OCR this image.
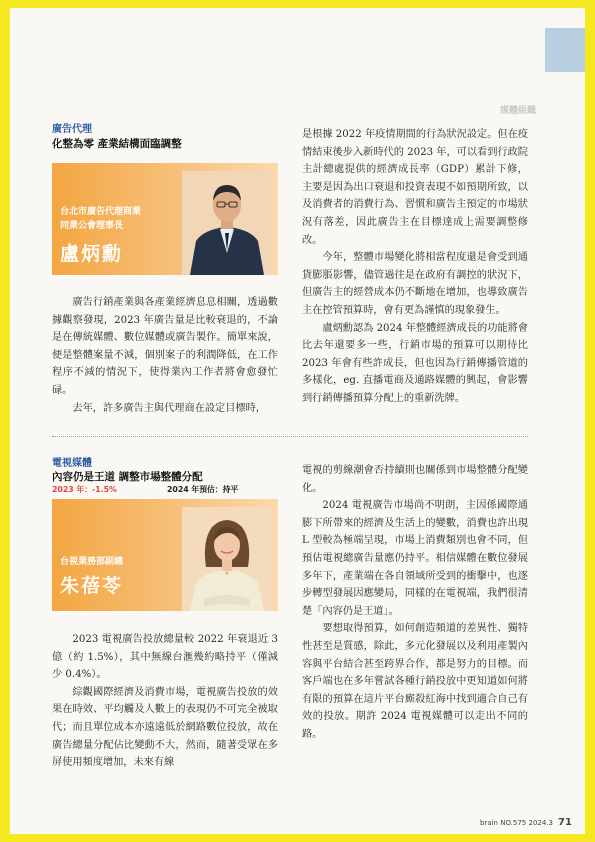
媒體組織
廣告代理
化整為零 產業結構面臨調整
台北市廣告代理商業
同業公會理事長
盧炳勳

廣告行銷產業與各產業經濟息息相關，透過數據觀察發現，2023 年廣告量是比較衰退的，不論是在傳統媒體、數位媒體或廣告製作。簡單來說，便是整體案量不減，個別案子的利潤降低，在工作程序不減的情況下，使得業內工作者將會愈發忙碌。

去年，許多廣告主與代理商在設定目標時，

是根據 2022 年疫情期間的行為狀況設定。但在疫情結束後步入新時代的 2023 年，可以看到行政院主計總處提供的經濟成長率（GDP）累計下修，主要是因為出口衰退和投資表現不如預期所致，以及消費者的消費行為、習慣和廣告主預定的市場狀況有落差，因此廣告主在目標達成上需要調整修改。

今年，整體市場變化將相當程度還是會受到通貨膨脹影響，儘管過往是在政府有調控的狀況下，但廣告主的經營成本仍不斷地在增加，也導致廣告主在控管預算時，會有更為謹慎的現象發生。

盧炳勳認為 2024 年整體經濟成長的功能將會比去年還要多一些，行銷市場的預算可以期待比 2023 年會有些許成長，但也因為行銷傳播管道的多樣化，eg. 直播電商及通路媒體的興起，會影響到行銷傳播預算分配上的重新洗牌。

電視媒體
內容仍是王道 調整市場整體分配
2023 年：-1.5%	2024 年預估：持平
台視業務部副總
朱蓓苓

2023 電視廣告投放總量較 2022 年衰退近 3 億（約 1.5%），其中無線台滙幾約略持平（僅減少 0.4%）。

綜觀國際經濟及消費市場，電視廣告投放的效果在時效、平均觸及人數上的表現仍不可完全被取代；而且單位成本亦遠遠低於網路數位投放，故在廣告總量分配佔比變動不大，然而，隨著受眾在多屏使用頻度增加，未來有線

電視的剪線潮會否持續則也關係到市場整體分配變化。

2024 電視廣告市場尚不明朗，主因係國際通膨下所帶來的經濟及生活上的變數，消費也許出現 L 型較為極端呈現，市場上消費類別也會不同，但預估電視總廣告量應仍持平。相信媒體在數位發展多年下，產業端在各自領域所受到的衝擊中，也逐步轉型發展因應變局，同樣的在電視端，我們很清楚「內容仍是王道」。

要想取得預算，如何創造頻道的差異性、獨特性甚至是質感，除此，多元化發展以及利用產製內容與平台結合甚至跨界合作，都是努力的目標。而客戶端也在多年嘗試各種行銷投放中更知道如何將有限的預算在這片平台廝殺紅海中找到適合自己有效的投放。期許 2024 電視媒體可以走出不同的路。

brain NO.575 2024.3 71
